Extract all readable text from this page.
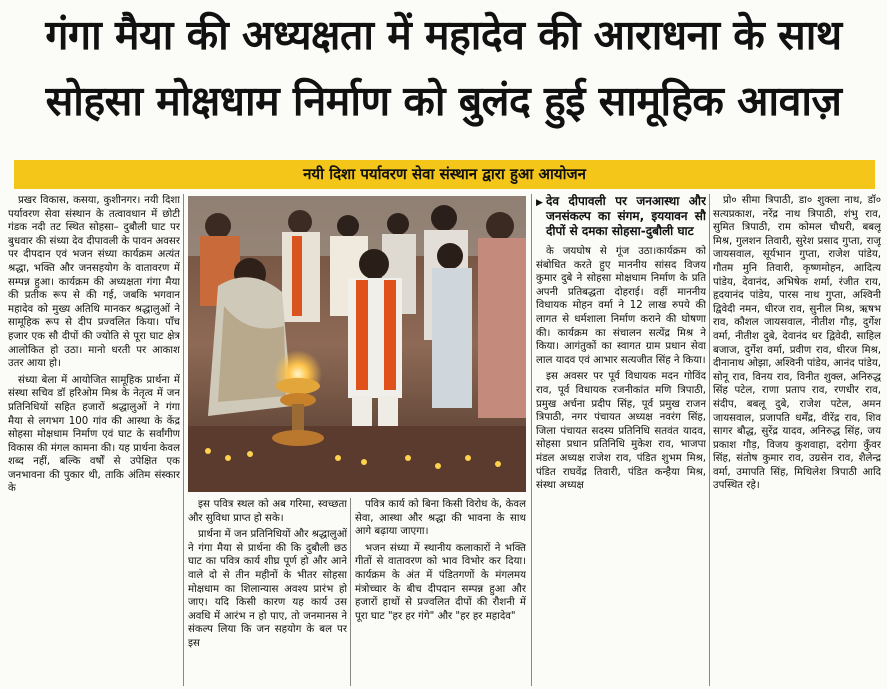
गंगा मैया की अध्यक्षता में महादेव की आराधना के साथ
सोहसा मोक्षधाम निर्माण को बुलंद हुई सामूहिक आवाज़
नयी दिशा पर्यावरण सेवा संस्थान द्वारा हुआ आयोजन

प्रखर विकास, कसया, कुशीनगर। नयी दिशा पर्यावरण सेवा संस्थान के तत्वावधान में छोटी गंडक नदी तट स्थित सोहसा– दुबौली घाट पर बुधवार की संध्या देव दीपावली के पावन अवसर पर दीपदान एवं भजन संध्या कार्यक्रम अत्यंत श्रद्धा, भक्ति और जनसहयोग के वातावरण में सम्पन्न हुआ। कार्यक्रम की अध्यक्षता गंगा मैया की प्रतीक रूप से की गई, जबकि भगवान महादेव को मुख्य अतिथि मानकर श्रद्धालुओं ने सामूहिक रूप से दीप प्रज्वलित किया। पाँच हजार एक सौ दीपों की ज्योति से पूरा घाट क्षेत्र आलोकित हो उठा। मानो धरती पर आकाश उतर आया हो।

संध्या बेला में आयोजित सामूहिक प्रार्थना में संस्था सचिव डॉ हरिओम मिश्र के नेतृत्व में जन प्रतिनिधियों सहित हजारों श्रद्धालुओं ने गंगा मैया से लगभग 100 गांव की आस्था के केंद्र सोहसा मोक्षधाम निर्माण एवं घाट के सर्वांगीण विकास की मंगल कामना की। यह प्रार्थना केवल शब्द नहीं, बल्कि वर्षों से उपेक्षित एक जनभावना की पुकार थी, ताकि अंतिम संस्कार के

इस पवित्र स्थल को अब गरिमा, स्वच्छता और सुविधा प्राप्त हो सके।

प्रार्थना में जन प्रतिनिधियों और श्रद्धालुओं ने गंगा मैया से प्रार्थना की कि दुबौली छठ घाट का पवित्र कार्य शीघ्र पूर्ण हो और आने वाले दो से तीन महीनों के भीतर सोहसा मोक्षधाम का शिलान्यास अवश्य प्रारंभ हो जाए। यदि किसी कारण यह कार्य उस अवधि में आरंभ न हो पाए, तो जनमानस ने संकल्प लिया कि जन सहयोग के बल पर इस

पवित्र कार्य को बिना किसी विरोध के, केवल सेवा, आस्था और श्रद्धा की भावना के साथ आगे बढ़ाया जाएगा।

भजन संध्या में स्थानीय कलाकारों ने भक्ति गीतों से वातावरण को भाव विभोर कर दिया। कार्यक्रम के अंत में पंडितगणों के मंगलमय मंत्रोच्चार के बीच दीपदान सम्पन्न हुआ और हजारों हाथों से प्रज्वलित दीपों की रौशनी में पूरा घाट "हर हर गंगे" और "हर हर महादेव"

▶ देव दीपावली पर जनआस्था और जनसंकल्प का संगम, इययावन सौ दीपों से दमका सोहसा-दुबौली घाट

के जयघोष से गूंज उठा।कार्यक्रम को संबोधित करते हुए माननीय सांसद विजय कुमार दुबे ने सोहसा मोक्षधाम निर्माण के प्रति अपनी प्रतिबद्धता दोहराई। वहीं माननीय विधायक मोहन वर्मा ने 12 लाख रुपये की लागत से धर्मशाला निर्माण कराने की घोषणा की। कार्यक्रम का संचालन सत्येंद्र मिश्र ने किया। आगंतुकों का स्वागत ग्राम प्रधान सेवा लाल यादव एवं आभार सत्यजीत सिंह ने किया।

इस अवसर पर पूर्व विधायक मदन गोविंद राव, पूर्व विधायक रजनीकांत मणि त्रिपाठी, प्रमुख अर्चना प्रदीप सिंह, पूर्व प्रमुख राजन त्रिपाठी, नगर पंचायत अध्यक्ष नवरंग सिंह, जिला पंचायत सदस्य प्रतिनिधि सतवंत यादव, सोहसा प्रधान प्रतिनिधि मुकेश राव, भाजपा मंडल अध्यक्ष राजेश राव, पंडित शुभम मिश्र, पंडित राघवेंद्र तिवारी, पंडित कन्हैया मिश्र, संस्था अध्यक्ष

प्रो० सीमा त्रिपाठी, डा० शुक्ला नाथ, डॉ० सत्यप्रकाश, नरेंद्र नाथ त्रिपाठी, शंभु राव, सुमित त्रिपाठी, राम कोमल चौधरी, बबलू मिश्र, गुलशन तिवारी, सुरेश प्रसाद गुप्ता, राजू जायसवाल, सूर्यभान गुप्ता, राजेश पांडेय, गौतम मुनि तिवारी, कृष्णमोहन, आदित्य पांडेय, देवानंद, अभिषेक शर्मा, रंजीत राय, हृदयानंद पांडेय, पारस नाथ गुप्ता, अश्विनी द्विवेदी नमन, धीरज राव, सुनील मिश्र, ऋषभ राव, कौशल जायसवाल, नीतीश गौड़, दुर्गेश वर्मा, नीतीश दुबे, देवानंद धर द्विवेदी, साहिल बजाज, दुर्गेश वर्मा, प्रवीण राव, धीरज मिश्र, दीनानाथ ओझा, अश्विनी पांडेय, आनंद पांडेय, सोनू राव, विनय राव, विनीत शुक्ल, अनिरुद्ध सिंह पटेल, राणा प्रताप राव, रणधीर राव, संदीप, बबलू दुबे, राजेश पटेल, अमन जायसवाल, प्रजापति धर्मेंद्र, वीरेंद्र राव, शिव सागर बौद्ध, सुरेंद्र यादव, अनिरुद्ध सिंह, जय प्रकाश गौड़, विजय कुशवाहा, दरोगा कुँवर सिंह, संतोष कुमार राव, उग्रसेन राव, शैलेन्द्र वर्मा, उमापति सिंह, मिथिलेश त्रिपाठी आदि उपस्थित रहे।
